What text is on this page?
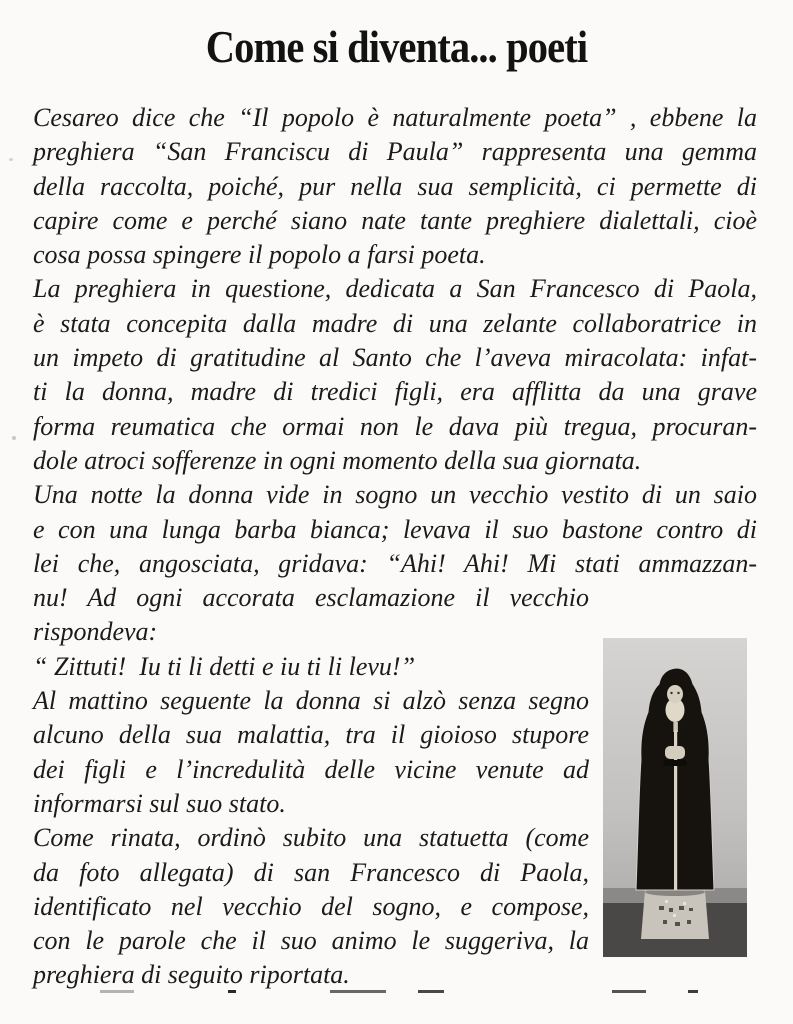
Come si diventa... poeti
Cesareo dice che “Il popolo è naturalmente poeta” , ebbene la
preghiera “San Franciscu di Paula” rappresenta una gemma
della raccolta, poiché, pur nella sua semplicità, ci permette di
capire come e perché siano nate tante preghiere dialettali, cioè
cosa possa spingere il popolo a farsi poeta.
La preghiera in questione, dedicata a San Francesco di Paola,
è stata concepita dalla madre di una zelante collaboratrice in
un impeto di gratitudine al Santo che l’aveva miracolata: infat-
ti la donna, madre di tredici figli, era afflitta da una grave
forma reumatica che ormai non le dava più tregua, procuran-
dole atroci sofferenze in ogni momento della sua giornata.
Una notte la donna vide in sogno un vecchio vestito di un saio
e con una lunga barba bianca; levava il suo bastone contro di
lei che, angosciata, gridava: “Ahi! Ahi! Mi stati ammazzan-
nu! Ad ogni accorata esclamazione il vecchio
rispondeva:
“ Zittuti!  Iu ti li detti e iu ti li levu!”
Al mattino seguente la donna si alzò senza segno
alcuno della sua malattia, tra il gioioso stupore
dei figli e l’incredulità delle vicine venute ad
informarsi sul suo stato.
Come rinata, ordinò subito una statuetta (come
da foto allegata) di san Francesco di Paola,
identificato nel vecchio del sogno, e compose,
con le parole che il suo animo le suggeriva, la
preghiera di seguito riportata.
